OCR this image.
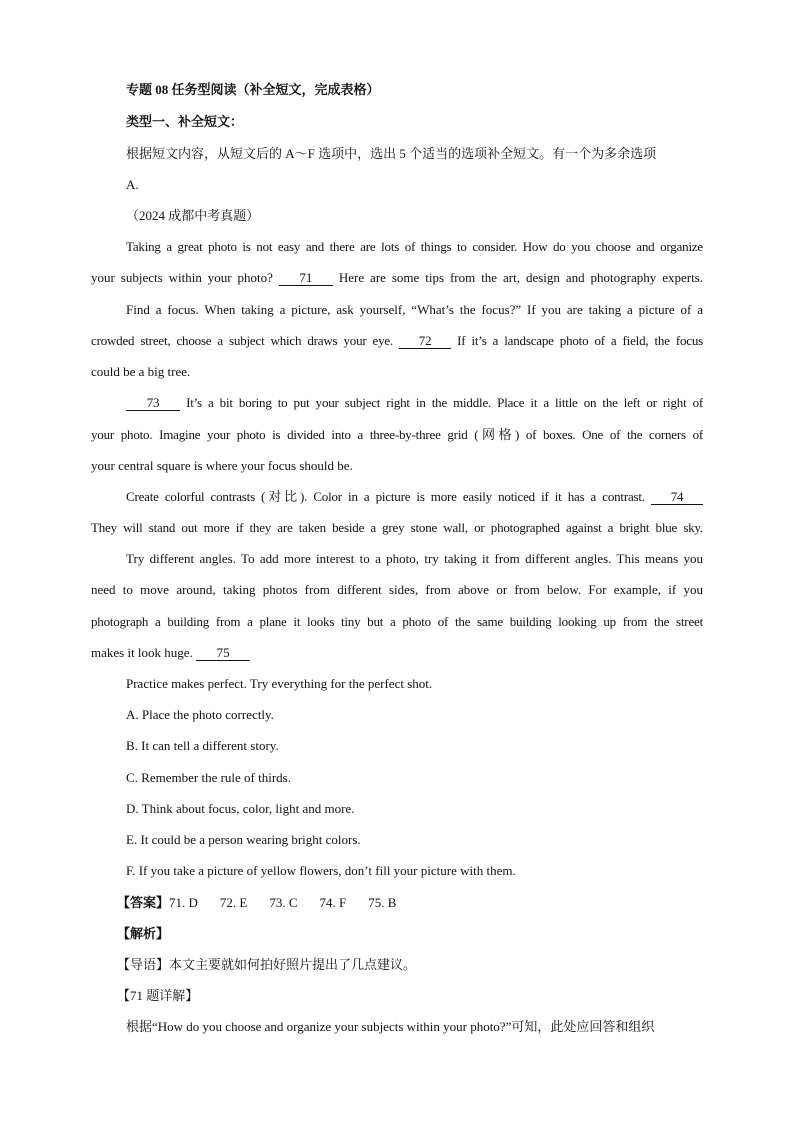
专题 08 任务型阅读（补全短文，完成表格）
类型一、补全短文：
根据短文内容，从短文后的 A～F 选项中，选出 5 个适当的选项补全短文。有一个为多余选项
A.
（2024 成都中考真题）
Taking a great photo is not easy and there are lots of things to consider. How do you choose and organize
your subjects within your photo? 71 Here are some tips from the art, design and photography experts.
Find a focus. When taking a picture, ask yourself, “What’s the focus?” If you are taking a picture of a
crowded street, choose a subject which draws your eye. 72 If it’s a landscape photo of a field, the focus
could be a big tree.
73 It’s a bit boring to put your subject right in the middle. Place it a little on the left or right of
your photo. Imagine your photo is divided into a three-by-three grid (网格) of boxes. One of the corners of
your central square is where your focus should be.
Create colorful contrasts (对比). Color in a picture is more easily noticed if it has a contrast. 74
They will stand out more if they are taken beside a grey stone wall, or photographed against a bright blue sky.
Try different angles. To add more interest to a photo, try taking it from different angles. This means you
need to move around, taking photos from different sides, from above or from below. For example, if you
photograph a building from a plane it looks tiny but a photo of the same building looking up from the street
makes it look huge. 75
Practice makes perfect. Try everything for the perfect shot.
A. Place the photo correctly.
B. It can tell a different story.
C. Remember the rule of thirds.
D. Think about focus, color, light and more.
E. It could be a person wearing bright colors.
F. If you take a picture of yellow flowers, don’t fill your picture with them.
【答案】71. D 72. E 73. C 74. F 75. B
【解析】
【导语】本文主要就如何拍好照片提出了几点建议。
【71 题详解】
根据“How do you choose and organize your subjects within your photo?”可知，此处应回答和组织
